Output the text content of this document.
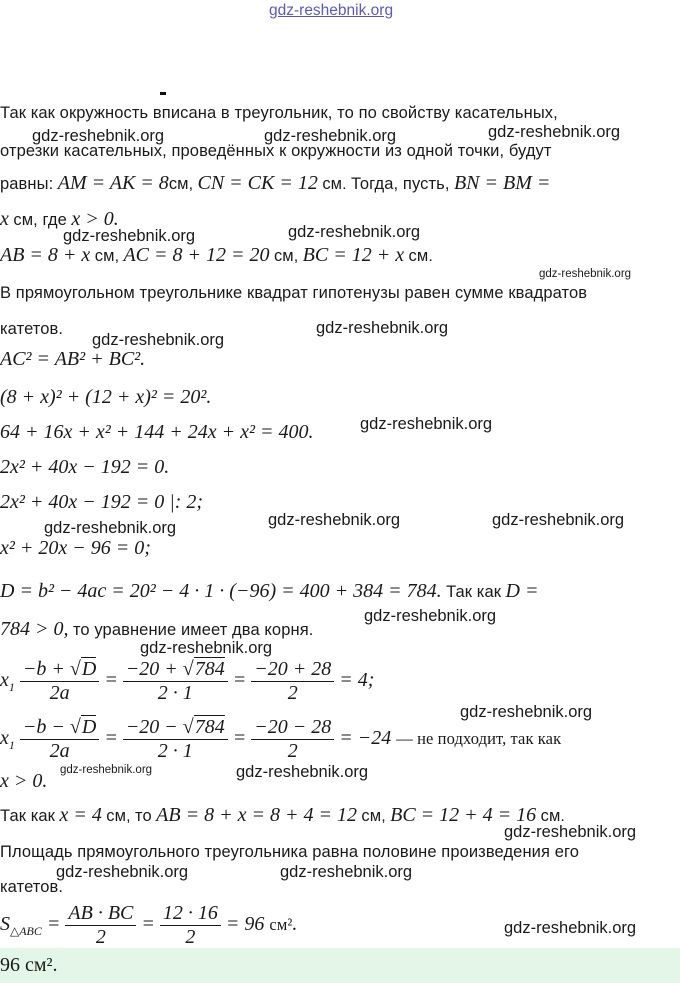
gdz-reshebnik.org
Так как окружность вписана в треугольник, то по свойству касательных,
отрезки касательных, проведённых к окружности из одной точки, будут
равны: AM = AK = 8см, CN = CK = 12 см. Тогда, пусть, BN = BM =
x см, где x > 0.
AB = 8 + x см, AC = 8 + 12 = 20 см, BC = 12 + x см.
В прямоугольном треугольнике квадрат гипотенузы равен сумме квадратов
катетов.
AC² = AB² + BC².
(8 + x)² + (12 + x)² = 20².
64 + 16x + x² + 144 + 24x + x² = 400.
2x² + 40x − 192 = 0.
2x² + 40x − 192 = 0 |: 2;
x² + 20x − 96 = 0;
D = b² − 4ac = 20² − 4 · 1 · (−96) = 400 + 384 = 784. Так как D =
784 > 0, то уравнение имеет два корня.
$x_1 \frac{-b + √D}{2a} = \frac{-20 + √784}{2 \cdot 1} = \frac{-20 + 28}{2} = 4$;
$x_1 \frac{-b - √D}{2a} = \frac{-20 - √784}{2 \cdot 1} = \frac{-20 - 28}{2} = -24$ — не подходит, так как
x > 0.
Так как x = 4 см, то AB = 8 + x = 8 + 4 = 12 см, BC = 12 + 4 = 16 см.
Площадь прямоугольного треугольника равна половине произведения его
катетов.
$S_{\triangle ABC} = \frac{AB \cdot BC}{2} = \frac{12 \cdot 16}{2} = 96$ см².
96 см².
gdz-reshebnik.org	gdz-reshebnik.org	gdz-reshebnik.org
gdz-reshebnik.org	gdz-reshebnik.org
gdz-reshebnik.org
gdz-reshebnik.org
gdz-reshebnik.org
gdz-reshebnik.org
gdz-reshebnik.org	gdz-reshebnik.org
gdz-reshebnik.org
gdz-reshebnik.org
gdz-reshebnik.org
gdz-reshebnik.org
gdz-reshebnik.org	gdz-reshebnik.org
gdz-reshebnik.org
gdz-reshebnik.org	gdz-reshebnik.org
gdz-reshebnik.org
